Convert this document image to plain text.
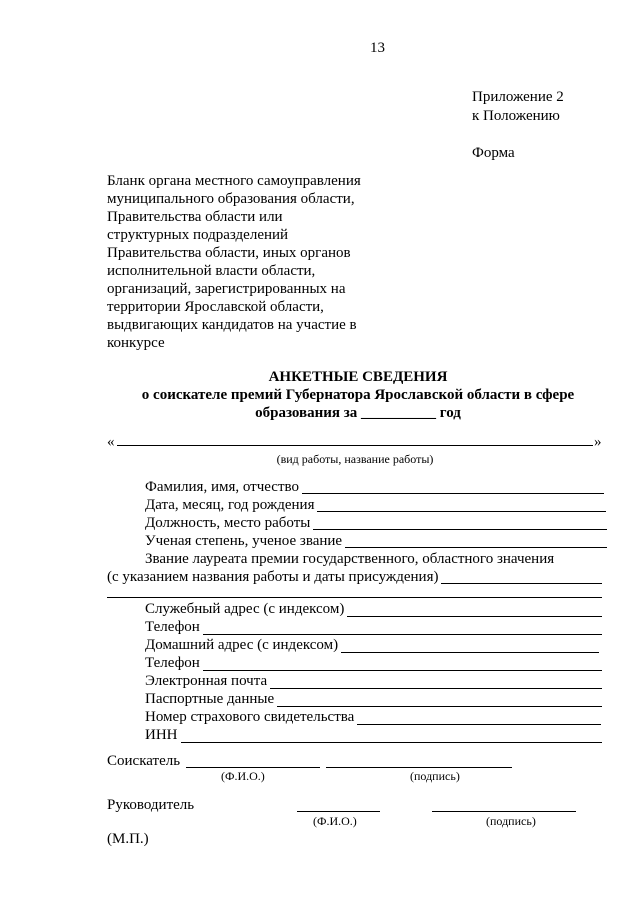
13
Приложение 2
к Положению
Форма
Бланк органа местного самоуправления
муниципального образования области,
Правительства области или
структурных подразделений
Правительства области, иных органов
исполнительной власти области,
организаций, зарегистрированных на
территории Ярославской области,
выдвигающих кандидатов на участие в
конкурсе
АНКЕТНЫЕ СВЕДЕНИЯ
о соискателе премий Губернатора Ярославской области в сфере
образования за __________ год
«	»
(вид работы, название работы)
Фамилия, имя, отчество
Дата, месяц, год рождения
Должность, место работы
Ученая степень, ученое звание
Звание лауреата премии государственного, областного значения
(с указанием названия работы и даты присуждения)
Служебный адрес (с индексом)
Телефон
Домашний адрес (с индексом)
Телефон
Электронная почта
Паспортные данные
Номер страхового свидетельства
ИНН
Соискатель
(Ф.И.О.)	(подпись)
Руководитель
(Ф.И.О.)	(подпись)
(М.П.)
